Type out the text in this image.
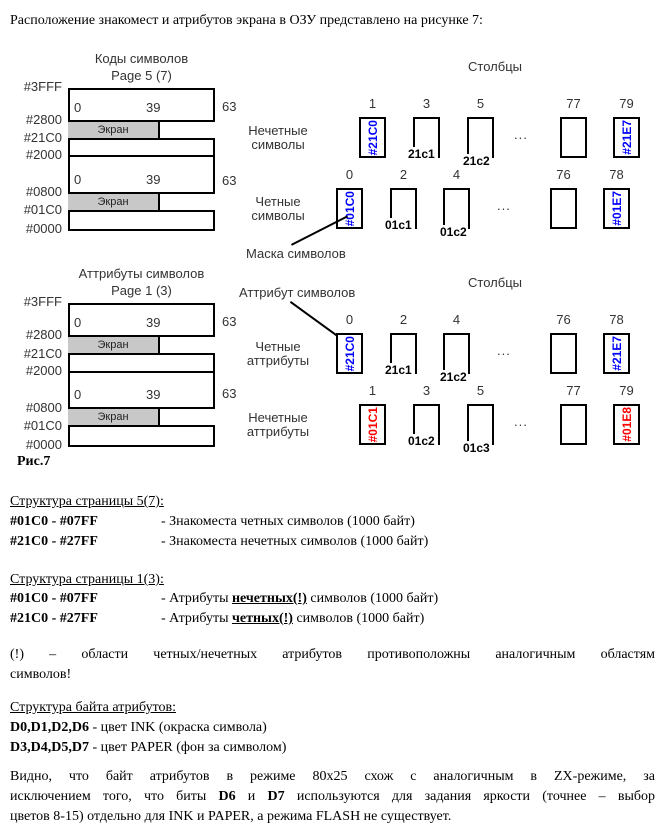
Расположение знакомест и атрибутов экрана в ОЗУ представлено на рисунке 7:
Коды символов
Page 5 (7)
Экран
Экран
0	39	63
0	39	63
#3FFF
#2800
#21C0
#2000
#0800
#01C0
#0000
Аттрибуты символов
Page 1 (3)
Экран
Экран
0	39	63
0	39	63
#3FFF
#2800
#21C0
#2000
#0800
#01C0
#0000
Рис.7
Столбцы
Столбцы
1	3	5	77	79
Нечетные
символы	#21C0	...	#21E7
21c1 21c2
0	2	4	76	78
Четные
символы	#01C0	...	#01E7
01c1 01c2
Маска символов
Аттрибут символов
0	2	4	76	78
Четные
аттрибуты	#21C0	...	#21E7
21c1 21c2
1	3	5	77	79
Нечетные
аттрибуты	#01C1	...	#01E8
01c2 01c3
Структура страницы 5(7):
#01C0 - #07FF	- Знакоместа четных символов (1000 байт)
#21C0 - #27FF	- Знакоместа нечетных символов (1000 байт)
Структура страницы 1(3):
#01C0 - #07FF	- Атрибуты нечетных(!) символов (1000 байт)
#21C0 - #27FF	- Атрибуты четных(!) символов (1000 байт)
(!) – области четных/нечетных атрибутов противоположны аналогичным областям
символов!
Структура байта атрибутов:
D0,D1,D2,D6 - цвет INK (окраска символа)
D3,D4,D5,D7 - цвет PAPER (фон за символом)
Видно, что байт атрибутов в режиме 80x25 схож с аналогичным в ZX-режиме, за
исключением того, что биты D6 и D7 используются для задания яркости (точнее – выбор
цветов 8-15) отдельно для INK и PAPER, а режима FLASH не существует.
